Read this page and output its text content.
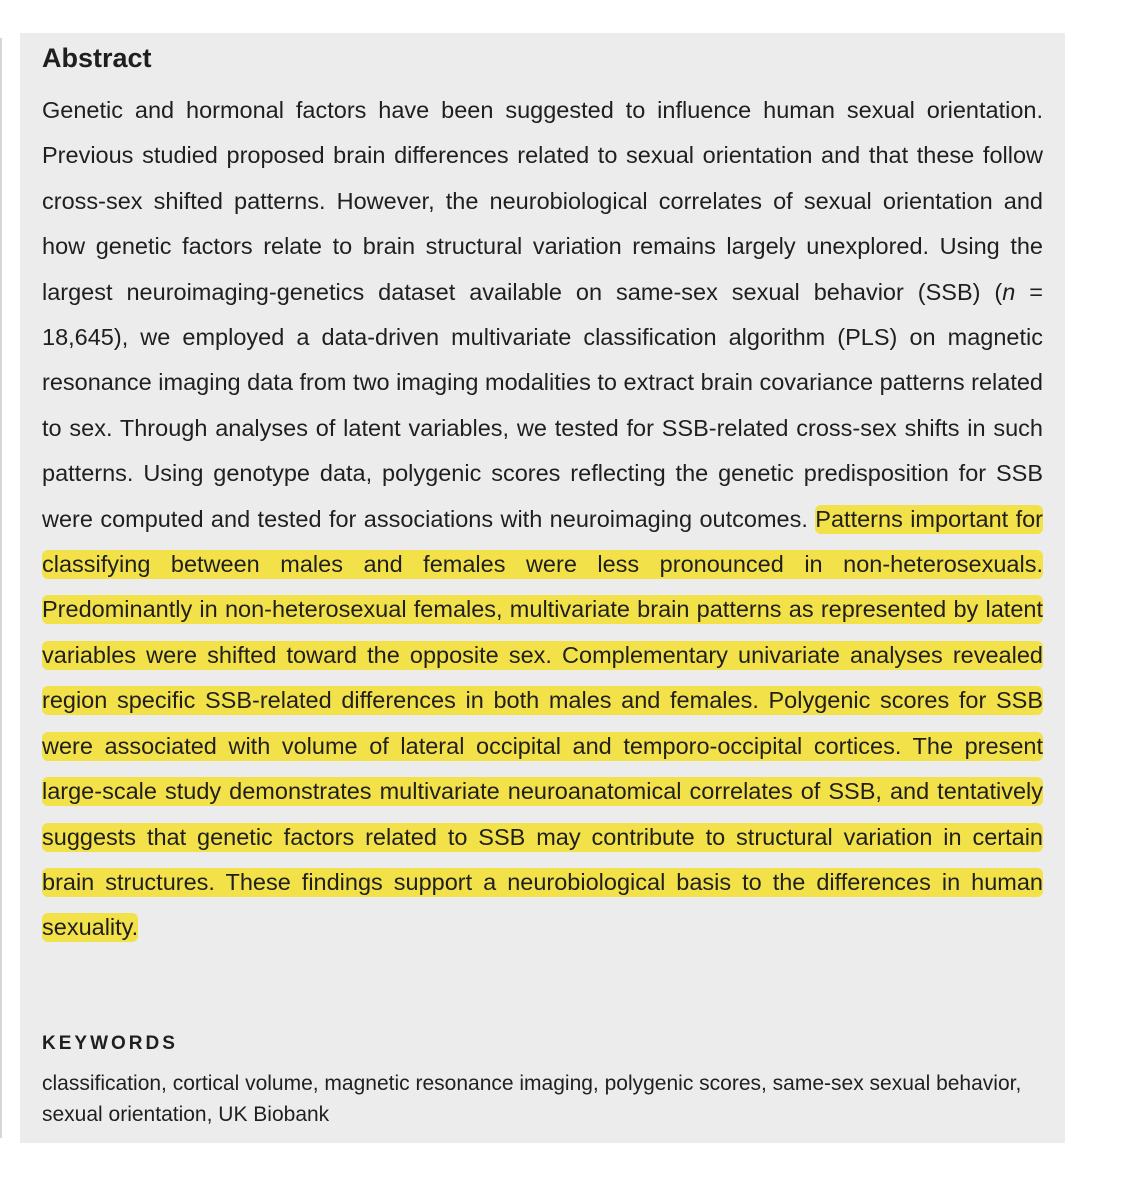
Abstract

Genetic and hormonal factors have been suggested to influence human sexual orientation. Previous studied proposed brain differences related to sexual orientation and that these follow cross-sex shifted patterns. However, the neurobiological correlates of sexual orientation and how genetic factors relate to brain structural variation remains largely unexplored. Using the largest neuroimaging-genetics dataset available on same-sex sexual behavior (SSB) (n = 18,645), we employed a data-driven multivariate classification algorithm (PLS) on magnetic resonance imaging data from two imaging modalities to extract brain covariance patterns related to sex. Through analyses of latent variables, we tested for SSB-related cross-sex shifts in such patterns. Using genotype data, polygenic scores reflecting the genetic predisposition for SSB were computed and tested for associations with neuroimaging outcomes. Patterns important for classifying between males and females were less pronounced in non-heterosexuals. Predominantly in non-heterosexual females, multivariate brain patterns as represented by latent variables were shifted toward the opposite sex. Complementary univariate analyses revealed region specific SSB-related differences in both males and females. Polygenic scores for SSB were associated with volume of lateral occipital and temporo-occipital cortices. The present large-scale study demonstrates multivariate neuroanatomical correlates of SSB, and tentatively suggests that genetic factors related to SSB may contribute to structural variation in certain brain structures. These findings support a neurobiological basis to the differences in human sexuality.

KEYWORDS

classification, cortical volume, magnetic resonance imaging, polygenic scores, same-sex sexual behavior, sexual orientation, UK Biobank
